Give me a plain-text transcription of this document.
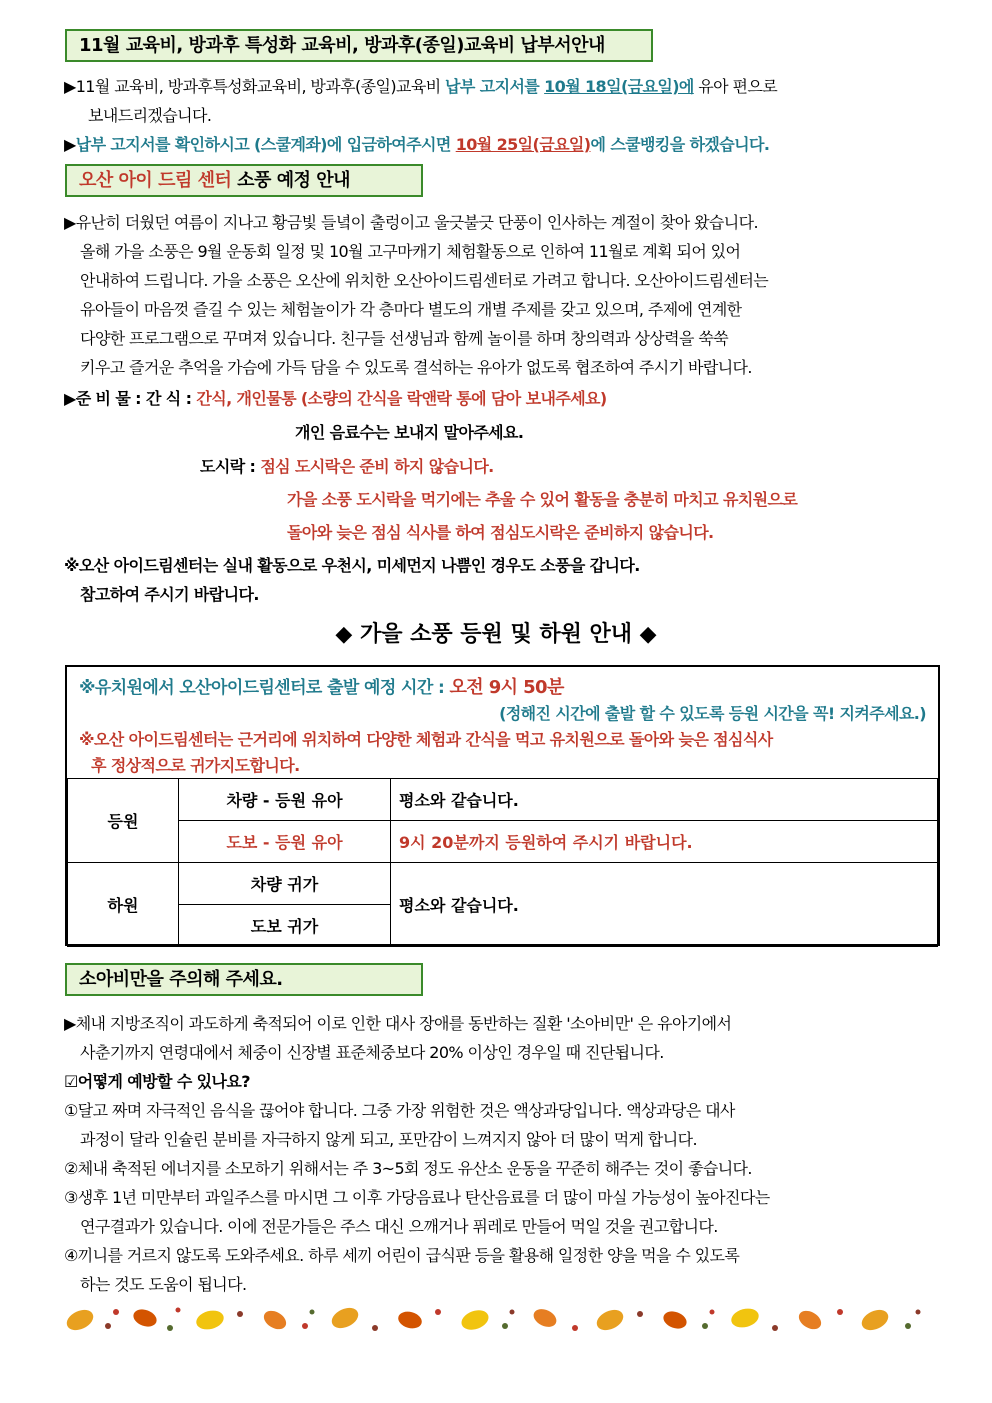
11월 교육비, 방과후 특성화 교육비, 방과후(종일)교육비 납부서안내
▶11월 교육비, 방과후특성화교육비, 방과후(종일)교육비 납부 고지서를 10월 18일(금요일)에 유아 편으로
보내드리겠습니다.
▶납부 고지서를 확인하시고 (스쿨계좌)에 입금하여주시면 10월 25일(금요일)에 스쿨뱅킹을 하겠습니다.
오산 아이 드림 센터 소풍 예정 안내
▶유난히 더웠던 여름이 지나고 황금빛 들녘이 출렁이고 울긋불긋 단풍이 인사하는 계절이 찾아 왔습니다.
올해 가을 소풍은 9월 운동회 일정 및 10월 고구마캐기 체험활동으로 인하여 11월로 계획 되어 있어
안내하여 드립니다. 가을 소풍은 오산에 위치한 오산아이드림센터로 가려고 합니다. 오산아이드림센터는
유아들이 마음껏 즐길 수 있는 체험놀이가 각 층마다 별도의 개별 주제를 갖고 있으며, 주제에 연계한
다양한 프로그램으로 꾸며져 있습니다. 친구들 선생님과 함께 놀이를 하며 창의력과 상상력을 쑥쑥
키우고 즐거운 추억을 가슴에 가득 담을 수 있도록 결석하는 유아가 없도록 협조하여 주시기 바랍니다.
▶준 비 물 : 간 식 : 간식, 개인물통 (소량의 간식을 락앤락 통에 담아 보내주세요)
개인 음료수는 보내지 말아주세요.
도시락 : 점심 도시락은 준비 하지 않습니다.
가을 소풍 도시락을 먹기에는 추울 수 있어 활동을 충분히 마치고 유치원으로
돌아와 늦은 점심 식사를 하여 점심도시락은 준비하지 않습니다.
※오산 아이드림센터는 실내 활동으로 우천시, 미세먼지 나쁨인 경우도 소풍을 갑니다.
참고하여 주시기 바랍니다.
◆ 가을 소풍 등원 및 하원 안내 ◆
※유치원에서 오산아이드림센터로 출발 예정 시간 : 오전 9시 50분
(정해진 시간에 출발 할 수 있도록 등원 시간을 꼭! 지켜주세요.)
※오산 아이드림센터는 근거리에 위치하여 다양한 체험과 간식을 먹고 유치원으로 돌아와 늦은 점심식사
후 정상적으로 귀가지도합니다.
등원	차량 - 등원 유아	평소와 같습니다.
	도보 - 등원 유아	9시 20분까지 등원하여 주시기 바랍니다.
하원	차량 귀가	평소와 같습니다.
	도보 귀가	
소아비만을 주의해 주세요.
▶체내 지방조직이 과도하게 축적되어 이로 인한 대사 장애를 동반하는 질환 '소아비만' 은 유아기에서
사춘기까지 연령대에서 체중이 신장별 표준체중보다 20% 이상인 경우일 때 진단됩니다.
☑어떻게 예방할 수 있나요?
①달고 짜며 자극적인 음식을 끊어야 합니다. 그중 가장 위험한 것은 액상과당입니다. 액상과당은 대사
과정이 달라 인슐린 분비를 자극하지 않게 되고, 포만감이 느껴지지 않아 더 많이 먹게 합니다.
②체내 축적된 에너지를 소모하기 위해서는 주 3~5회 정도 유산소 운동을 꾸준히 해주는 것이 좋습니다.
③생후 1년 미만부터 과일주스를 마시면 그 이후 가당음료나 탄산음료를 더 많이 마실 가능성이 높아진다는
연구결과가 있습니다. 이에 전문가들은 주스 대신 으깨거나 퓌레로 만들어 먹일 것을 권고합니다.
④끼니를 거르지 않도록 도와주세요. 하루 세끼 어린이 급식판 등을 활용해 일정한 양을 먹을 수 있도록
하는 것도 도움이 됩니다.
